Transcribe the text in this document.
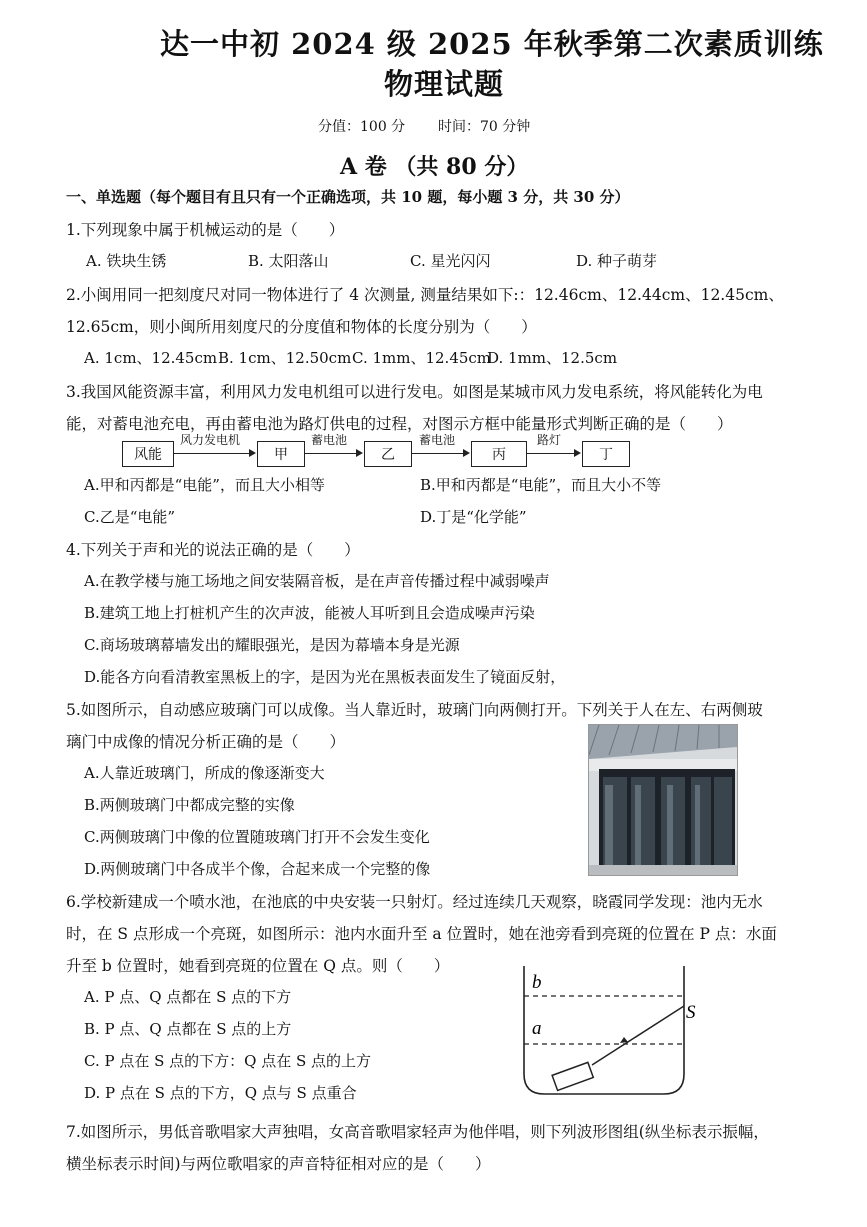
达一中初 2024 级 2025 年秋季第二次素质训练
物理试题
分值：100 分 时间：70 分钟
A 卷 （共 80 分）
一、单选题（每个题目有且只有一个正确选项，共 10 题，每小题 3 分，共 30 分）
1.下列现象中属于机械运动的是（　　）
A. 铁块生锈	B. 太阳落山	C. 星光闪闪	D. 种子萌芽
2.小闽用同一把刻度尺对同一物体进行了 4 次测量, 测量结果如下:：12.46cm、12.44cm、12.45cm、
12.65cm，则小闽所用刻度尺的分度值和物体的长度分别为（　　）
A. 1cm、12.45cm B. 1cm、12.50cm C. 1mm、12.45cm
D. 1mm、12.5cm
3.我国风能资源丰富，利用风力发电机组可以进行发电。如图是某城市风力发电系统，将风能转化为电
能，对蓄电池充电，再由蓄电池为路灯供电的过程，对图示方框中能量形式判断正确的是（　　）
风能
风力发电机
甲
蓄电池
乙
蓄电池
丙
路灯
丁
A.甲和丙都是“电能”，而且大小相等	B.甲和丙都是“电能”，而且大小不等
C.乙是“电能”	D.丁是“化学能”
4.下列关于声和光的说法正确的是（　　）
A.在教学楼与施工场地之间安装隔音板，是在声音传播过程中减弱噪声
B.建筑工地上打桩机产生的次声波，能被人耳听到且会造成噪声污染
C.商场玻璃幕墙发出的耀眼强光，是因为幕墙本身是光源
D.能各方向看清教室黑板上的字，是因为光在黑板表面发生了镜面反射，
5.如图所示，自动感应玻璃门可以成像。当人靠近时，玻璃门向两侧打开。下列关于人在左、右两侧玻
璃门中成像的情况分析正确的是（　　）
A.人靠近玻璃门，所成的像逐渐变大
B.两侧玻璃门中都成完整的实像
C.两侧玻璃门中像的位置随玻璃门打开不会发生变化
D.两侧玻璃门中各成半个像，合起来成一个完整的像
6.学校新建成一个喷水池，在池底的中央安装一只射灯。经过连续几天观察，晓霞同学发现：池内无水
时，在 S 点形成一个亮斑，如图所示：池内水面升至 a 位置时，她在池旁看到亮斑的位置在 P 点：水面
升至 b 位置时，她看到亮斑的位置在 Q 点。则（　　）
A. P 点、Q 点都在 S 点的下方
B. P 点、Q 点都在 S 点的上方
C. P 点在 S 点的下方：Q 点在 S 点的上方
D. P 点在 S 点的下方，Q 点与 S 点重合
b
a
S
7.如图所示，男低音歌唱家大声独唱，女高音歌唱家轻声为他伴唱，则下列波形图组(纵坐标表示振幅，
横坐标表示时间)与两位歌唱家的声音特征相对应的是（　　）
